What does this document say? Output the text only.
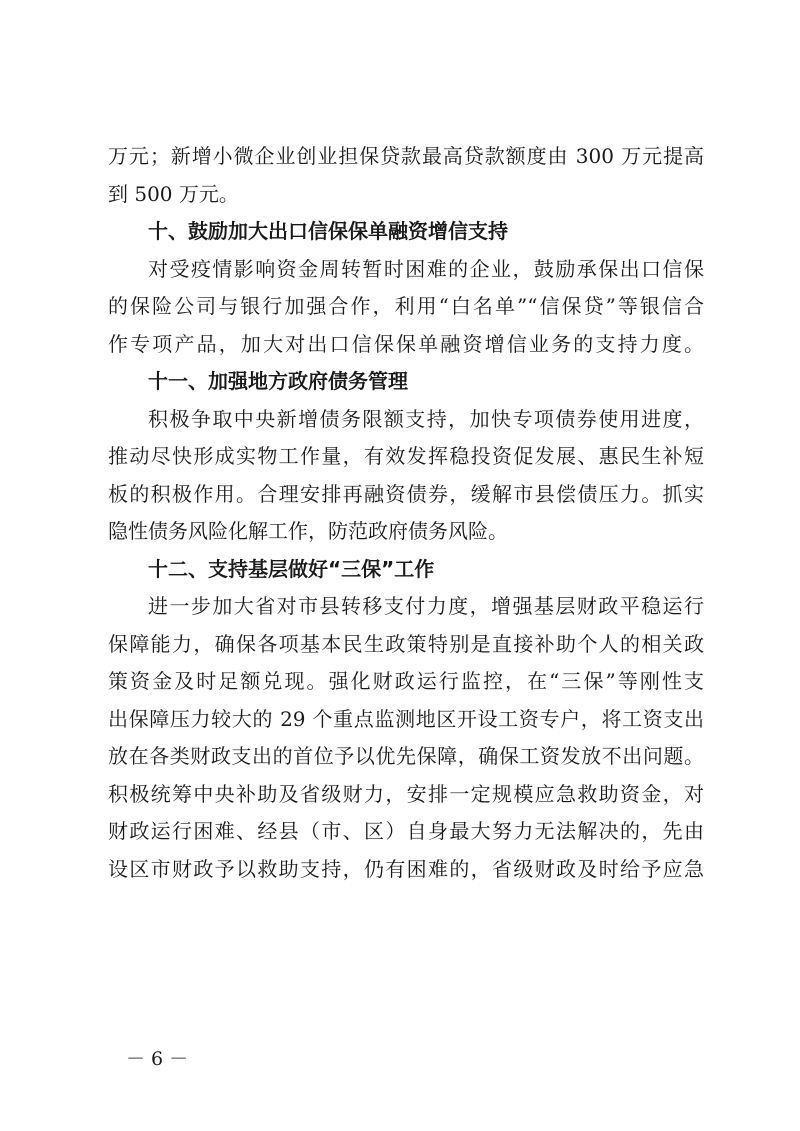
万元；新增小微企业创业担保贷款最高贷款额度由 300 万元提高
到 500 万元。
十、鼓励加大出口信保保单融资增信支持
对受疫情影响资金周转暂时困难的企业，鼓励承保出口信保
的保险公司与银行加强合作，利用“白名单”“信保贷”等银信合
作专项产品，加大对出口信保保单融资增信业务的支持力度。
十一、加强地方政府债务管理
积极争取中央新增债务限额支持，加快专项债券使用进度，
推动尽快形成实物工作量，有效发挥稳投资促发展、惠民生补短
板的积极作用。合理安排再融资债券，缓解市县偿债压力。抓实
隐性债务风险化解工作，防范政府债务风险。
十二、支持基层做好“三保”工作
进一步加大省对市县转移支付力度，增强基层财政平稳运行
保障能力，确保各项基本民生政策特别是直接补助个人的相关政
策资金及时足额兑现。强化财政运行监控，在“三保”等刚性支
出保障压力较大的 29 个重点监测地区开设工资专户，将工资支出
放在各类财政支出的首位予以优先保障，确保工资发放不出问题。
积极统筹中央补助及省级财力，安排一定规模应急救助资金，对
财政运行困难、经县（市、区）自身最大努力无法解决的，先由
设区市财政予以救助支持，仍有困难的，省级财政及时给予应急
－ 6 －
